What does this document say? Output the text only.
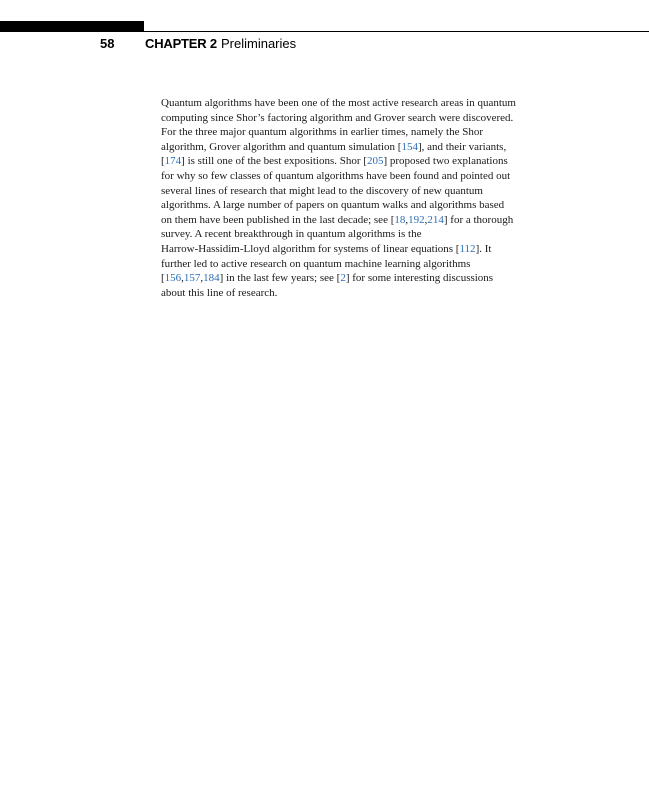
58 CHAPTER 2 Preliminaries
Quantum algorithms have been one of the most active research areas in quantum
computing since Shor’s factoring algorithm and Grover search were discovered.
For the three major quantum algorithms in earlier times, namely the Shor
algorithm, Grover algorithm and quantum simulation [154], and their variants,
[174] is still one of the best expositions. Shor [205] proposed two explanations
for why so few classes of quantum algorithms have been found and pointed out
several lines of research that might lead to the discovery of new quantum
algorithms. A large number of papers on quantum walks and algorithms based
on them have been published in the last decade; see [18,192,214] for a thorough
survey. A recent breakthrough in quantum algorithms is the
Harrow-Hassidim-Lloyd algorithm for systems of linear equations [112]. It
further led to active research on quantum machine learning algorithms
[156,157,184] in the last few years; see [2] for some interesting discussions
about this line of research.
